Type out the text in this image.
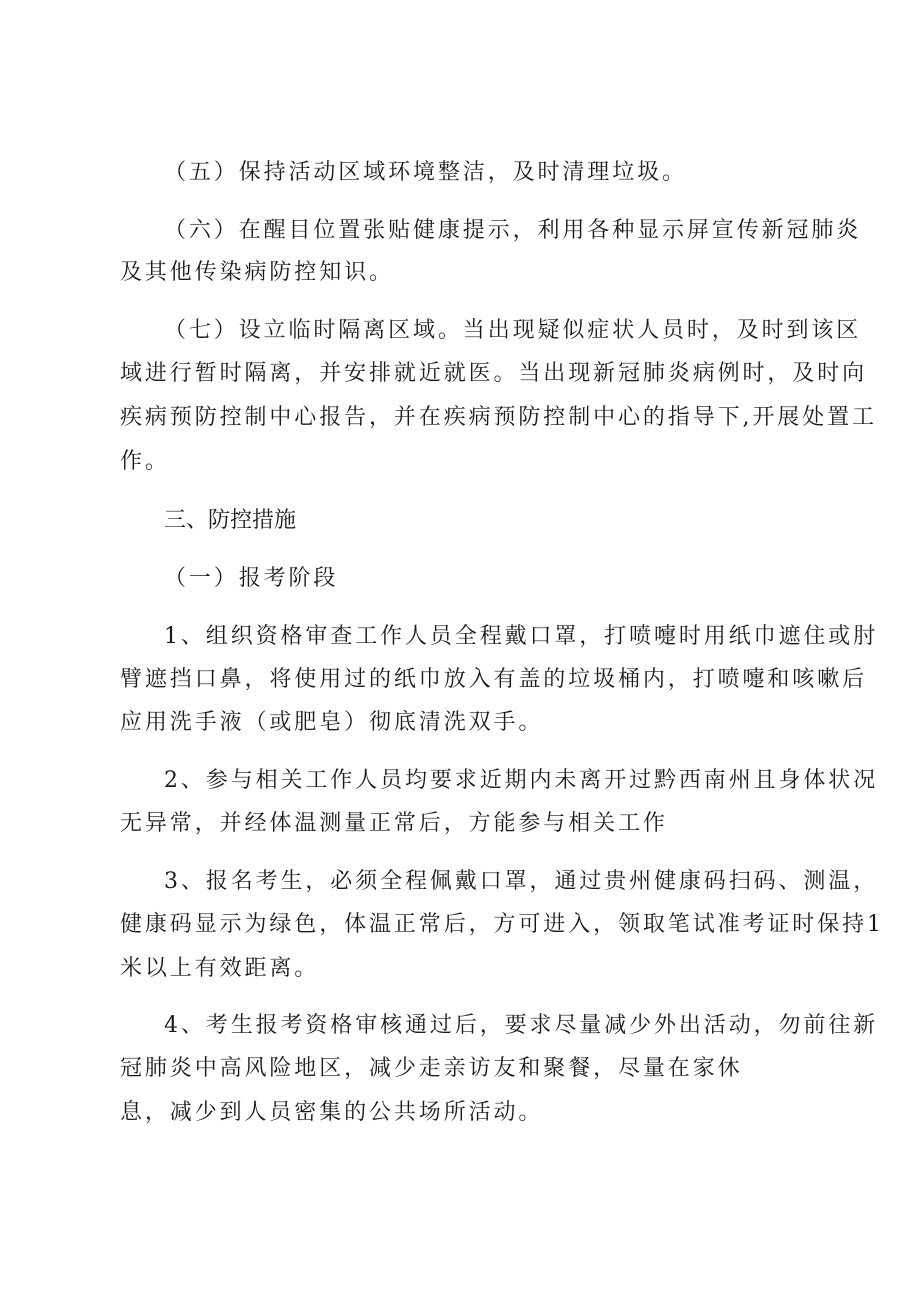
（五）保持活动区域环境整洁，及时清理垃圾。
（六）在醒目位置张贴健康提示，利用各种显示屏宣传新冠肺炎
及其他传染病防控知识。
（七）设立临时隔离区域。当出现疑似症状人员时，及时到该区
域进行暂时隔离，并安排就近就医。当出现新冠肺炎病例时，及时向
疾病预防控制中心报告，并在疾病预防控制中心的指导下,开展处置工
作。
三、防控措施
（一）报考阶段
1、组织资格审查工作人员全程戴口罩，打喷嚏时用纸巾遮住或肘
臂遮挡口鼻，将使用过的纸巾放入有盖的垃圾桶内，打喷嚏和咳嗽后
应用洗手液（或肥皂）彻底清洗双手。
2、参与相关工作人员均要求近期内未离开过黔西南州且身体状况
无异常，并经体温测量正常后，方能参与相关工作
3、报名考生，必须全程佩戴口罩，通过贵州健康码扫码、测温，
健康码显示为绿色，体温正常后，方可进入，领取笔试准考证时保持1
米以上有效距离。
4、考生报考资格审核通过后，要求尽量减少外出活动，勿前往新
冠肺炎中高风险地区，减少走亲访友和聚餐，尽量在家休
息，减少到人员密集的公共场所活动。
